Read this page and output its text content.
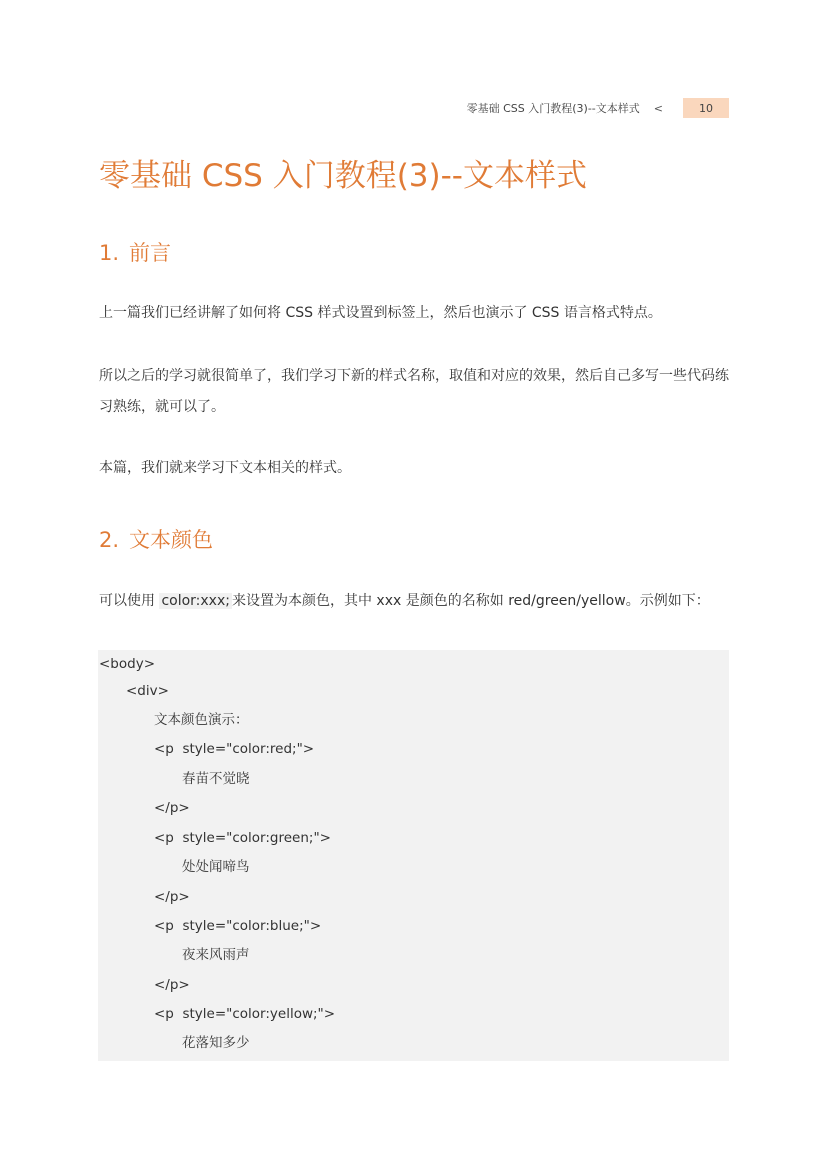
零基础 CSS 入门教程(3)--文本样式 <	10
零基础 CSS 入门教程(3)--文本样式
1. 前言

上一篇我们已经讲解了如何将 CSS 样式设置到标签上，然后也演示了 CSS 语言格式特点。

所以之后的学习就很简单了，我们学习下新的样式名称，取值和对应的效果，然后自己多写一些代码练习熟练，就可以了。

本篇，我们就来学习下文本相关的样式。

2. 文本颜色

可以使用 color:xxx; 来设置为本颜色，其中 xxx 是颜色的名称如 red/green/yellow。示例如下：

<body>
<div>
文本颜色演示：
<p  style="color:red;">
春苗不觉晓
</p>
<p  style="color:green;">
处处闻啼鸟
</p>
<p  style="color:blue;">
夜来风雨声
</p>
<p  style="color:yellow;">
花落知多少
